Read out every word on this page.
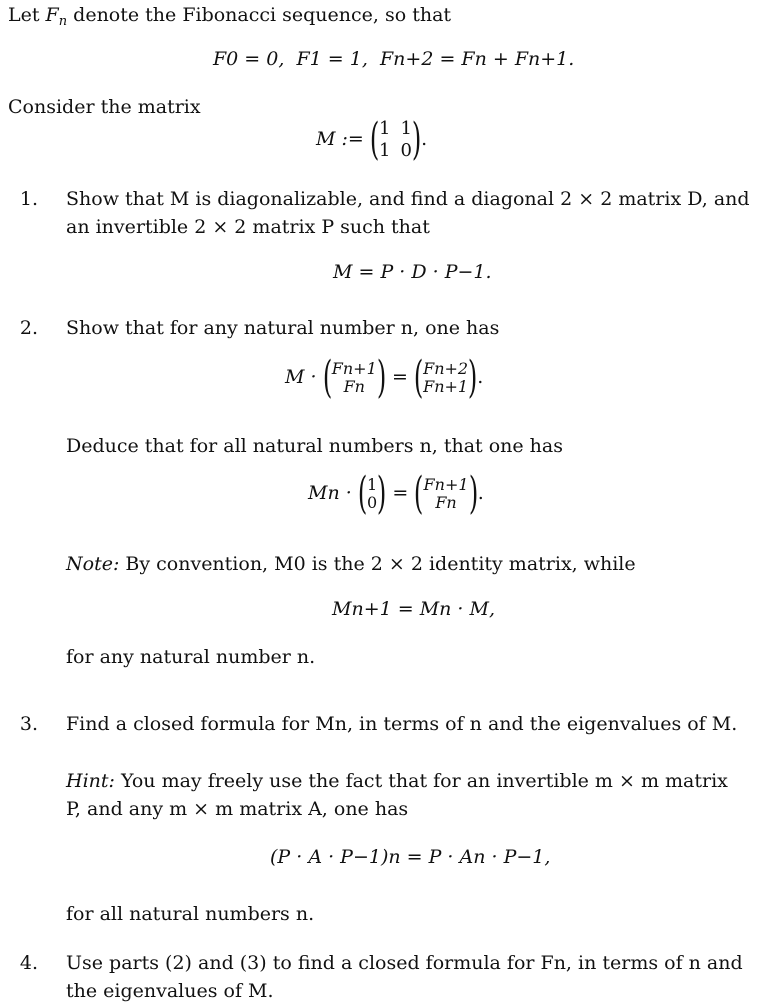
Let $F_n$ denote the Fibonacci sequence, so that
F0 = 0, F1 = 1, Fn+2 = Fn + Fn+1.
Consider the matrix
M := ( 1 1
1 0 ) .
1. Show that M is diagonalizable, and find a diagonal 2 × 2 matrix D, and
an invertible 2 × 2 matrix P such that
M = P · D · P−1.
2. Show that for any natural number n, one has
M · ( Fn+1
Fn ) = ( Fn+2
Fn+1 ) .
Deduce that for all natural numbers n, that one has
Mn · ( 1
0 ) = ( Fn+1
Fn ) .
Note: By convention, M0 is the 2 × 2 identity matrix, while
Mn+1 = Mn · M,
for any natural number n.
3. Find a closed formula for Mn, in terms of n and the eigenvalues of M.
Hint: You may freely use the fact that for an invertible m × m matrix
P, and any m × m matrix A, one has
(P · A · P−1)n = P · An · P−1,
for all natural numbers n.
4. Use parts (2) and (3) to find a closed formula for Fn, in terms of n and
the eigenvalues of M.
